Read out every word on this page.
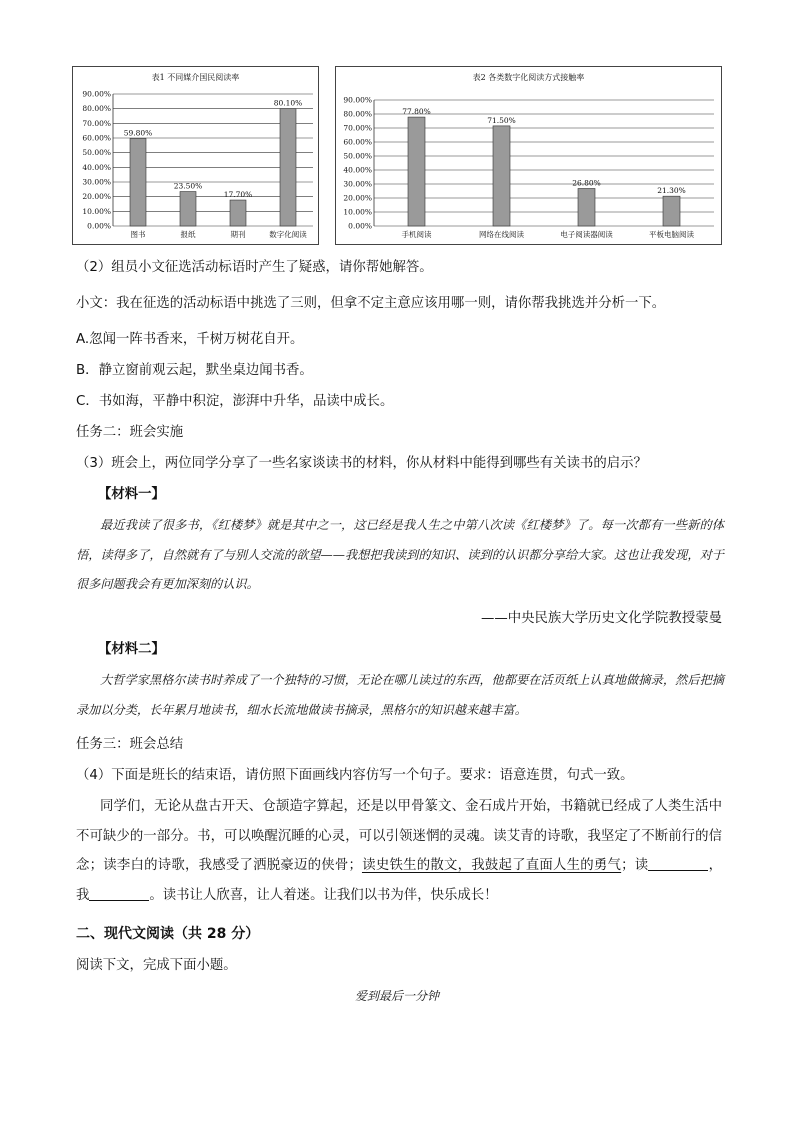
表1 不同媒介国民阅读率
0.00%
10.00%
20.00%
30.00%
40.00%
50.00%
60.00%
70.00%
80.00%
90.00%
59.80%
图书
23.50%
报纸
17.70%
期刊
80.10%
数字化阅读
表2 各类数字化阅读方式接触率
0.00%
10.00%
20.00%
30.00%
40.00%
50.00%
60.00%
70.00%
80.00%
90.00%
77.80%
手机阅读
71.50%
网络在线阅读
26.80%
电子阅读器阅读
21.30%
平板电脑阅读
（2）组员小文征选活动标语时产生了疑惑，请你帮她解答。
小文：我在征选的活动标语中挑选了三则，但拿不定主意应该用哪一则，请你帮我挑选并分析一下。
A.忽闻一阵书香来，千树万树花自开。
B．静立窗前观云起，默坐桌边闻书香。
C．书如海，平静中积淀，澎湃中升华，品读中成长。
任务二：班会实施
（3）班会上，两位同学分享了一些名家谈读书的材料，你从材料中能得到哪些有关读书的启示？
【材料一】
最近我读了很多书，《红楼梦》就是其中之一，这已经是我人生之中第八次读《红楼梦》了。每一次都有一些新的体悟，读得多了，自然就有了与别人交流的欲望——我想把我读到的知识、读到的认识都分享给大家。这也让我发现，对于很多问题我会有更加深刻的认识。
——中央民族大学历史文化学院教授蒙曼
【材料二】
大哲学家黑格尔读书时养成了一个独特的习惯，无论在哪儿读过的东西，他都要在活页纸上认真地做摘录，然后把摘录加以分类，长年累月地读书，细水长流地做读书摘录，黑格尔的知识越来越丰富。
任务三：班会总结
（4）下面是班长的结束语，请仿照下面画线内容仿写一个句子。要求：语意连贯，句式一致。
同学们，无论从盘古开天、仓颉造字算起，还是以甲骨篆文、金石成片开始，书籍就已经成了人类生活中不可缺少的一部分。书，可以唤醒沉睡的心灵，可以引领迷惘的灵魂。读艾青的诗歌，我坚定了不断前行的信念；读李白的诗歌，我感受了洒脱豪迈的侠骨；读史铁生的散文，我鼓起了直面人生的勇气；读	，我	。读书让人欣喜，让人着迷。让我们以书为伴，快乐成长！
二、现代文阅读（共 28 分）
阅读下文，完成下面小题。
爱到最后一分钟
